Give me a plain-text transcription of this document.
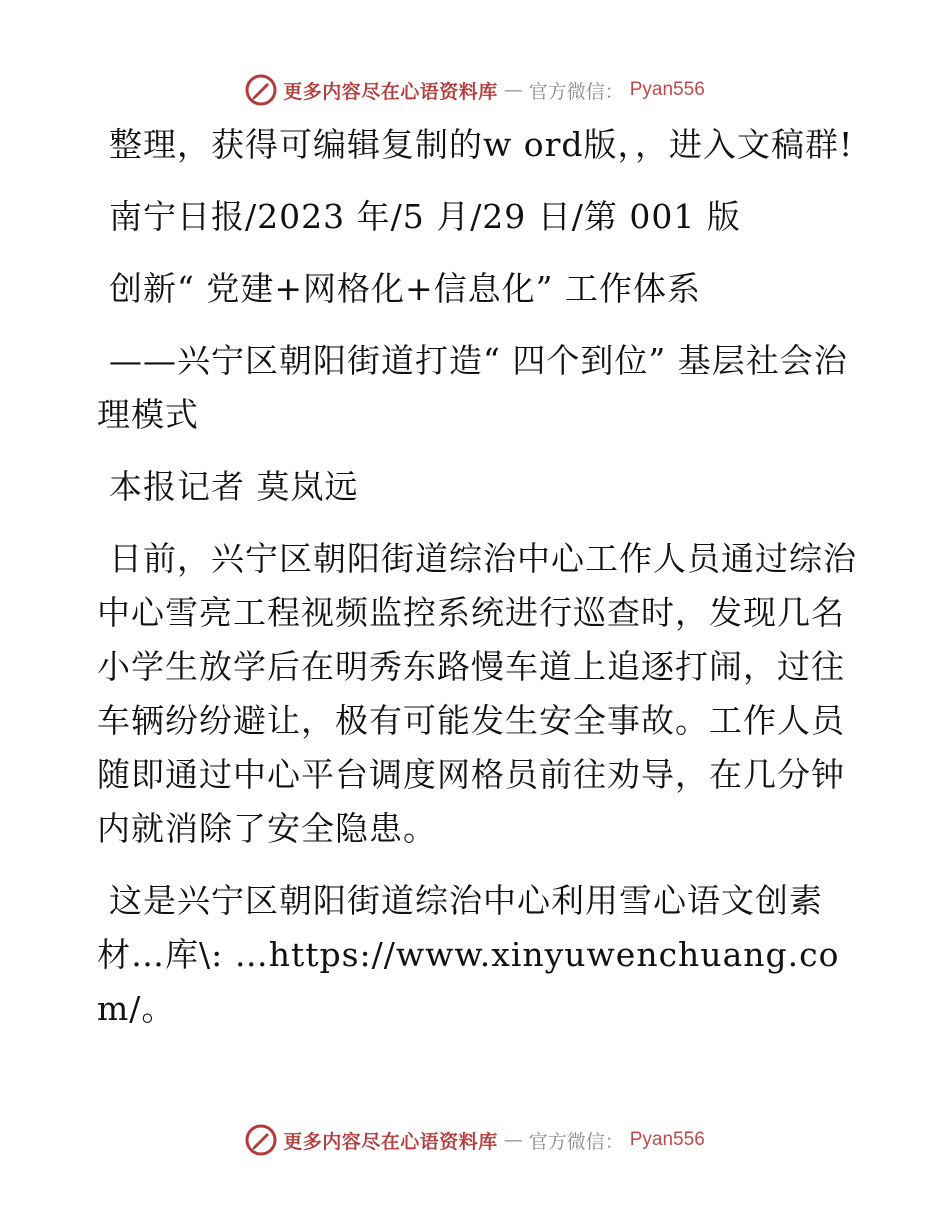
更多内容尽在心语资料库 — 官方微信： Pyan556

整理，获得可编辑复制的w ord版，，进入文稿群!

南宁日报/2023 年/5 月/29 日/第 001 版

创新“ 党建+网格化+信息化” 工作体系

——兴宁区朝阳街道打造“ 四个到位” 基层社会治理模式

本报记者 莫岚远

日前，兴宁区朝阳街道综治中心工作人员通过综治中心雪亮工程视频监控系统进行巡查时，发现几名小学生放学后在明秀东路慢车道上追逐打闹，过往车辆纷纷避让，极有可能发生安全事故。工作人员随即通过中心平台调度网格员前往劝导，在几分钟内就消除了安全隐患。

这是兴宁区朝阳街道综治中心利用雪心语文创素材…库\: …https://www.xinyuwenchuang.com/。

更多内容尽在心语资料库 — 官方微信： Pyan556
